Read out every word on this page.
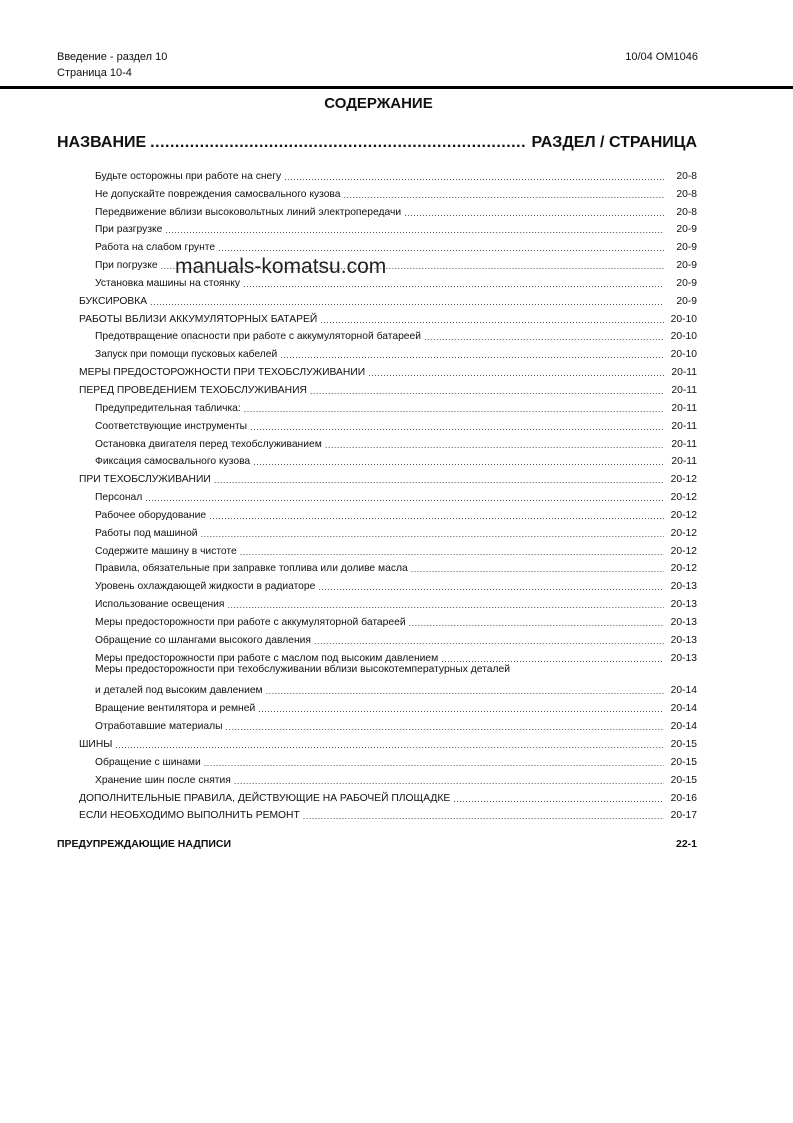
Введение - раздел 10
Страница 10-4
10/04 OM1046
СОДЕРЖАНИЕ
НАЗВАНИЕ .....	РАЗДЕЛ / СТРАНИЦА
Будьте осторожны при работе на снегу .....	20-8
Не допускайте повреждения самосвального кузова .....	20-8
Передвижение вблизи высоковольтных линий электропередачи .....	20-8
При разгрузке .....	20-9
Работа на слабом грунте .....	20-9
При погрузке .....	20-9
Установка машины на стоянку .....	20-9
БУКСИРОВКА .....	20-9
РАБОТЫ ВБЛИЗИ АККУМУЛЯТОРНЫХ БАТАРЕЙ .....	20-10
Предотвращение опасности при работе с аккумуляторной батареей .....	20-10
Запуск при помощи пусковых кабелей .....	20-10
МЕРЫ ПРЕДОСТОРОЖНОСТИ ПРИ ТЕХОБСЛУЖИВАНИИ .....	20-11
ПЕРЕД ПРОВЕДЕНИЕМ ТЕХОБСЛУЖИВАНИЯ .....	20-11
Предупредительная табличка: .....	20-11
Соответствующие инструменты .....	20-11
Остановка двигателя перед техобслуживанием .....	20-11
Фиксация самосвального кузова .....	20-11
ПРИ ТЕХОБСЛУЖИВАНИИ .....	20-12
Персонал .....	20-12
Рабочее оборудование .....	20-12
Работы под машиной .....	20-12
Содержите машину в чистоте .....	20-12
Правила, обязательные при заправке топлива или доливе масла .....	20-12
Уровень охлаждающей жидкости в радиаторе .....	20-13
Использование освещения .....	20-13
Меры предосторожности при работе с аккумуляторной батареей .....	20-13
Обращение со шлангами высокого давления .....	20-13
Меры предосторожности при работе с маслом под высоким давлением .....	20-13
Меры предосторожности при техобслуживании вблизи высокотемпературных деталей
и деталей под высоким давлением .....	20-14
Вращение вентилятора и ремней .....	20-14
Отработавшие материалы .....	20-14
ШИНЫ .....	20-15
Обращение с шинами .....	20-15
Хранение шин после снятия .....	20-15
ДОПОЛНИТЕЛЬНЫЕ ПРАВИЛА, ДЕЙСТВУЮЩИЕ НА РАБОЧЕЙ ПЛОЩАДКЕ .....	20-16
ЕСЛИ НЕОБХОДИМО ВЫПОЛНИТЬ РЕМОНТ .....	20-17
ПРЕДУПРЕЖДАЮЩИЕ НАДПИСИ	22-1
manuals-komatsu.com
